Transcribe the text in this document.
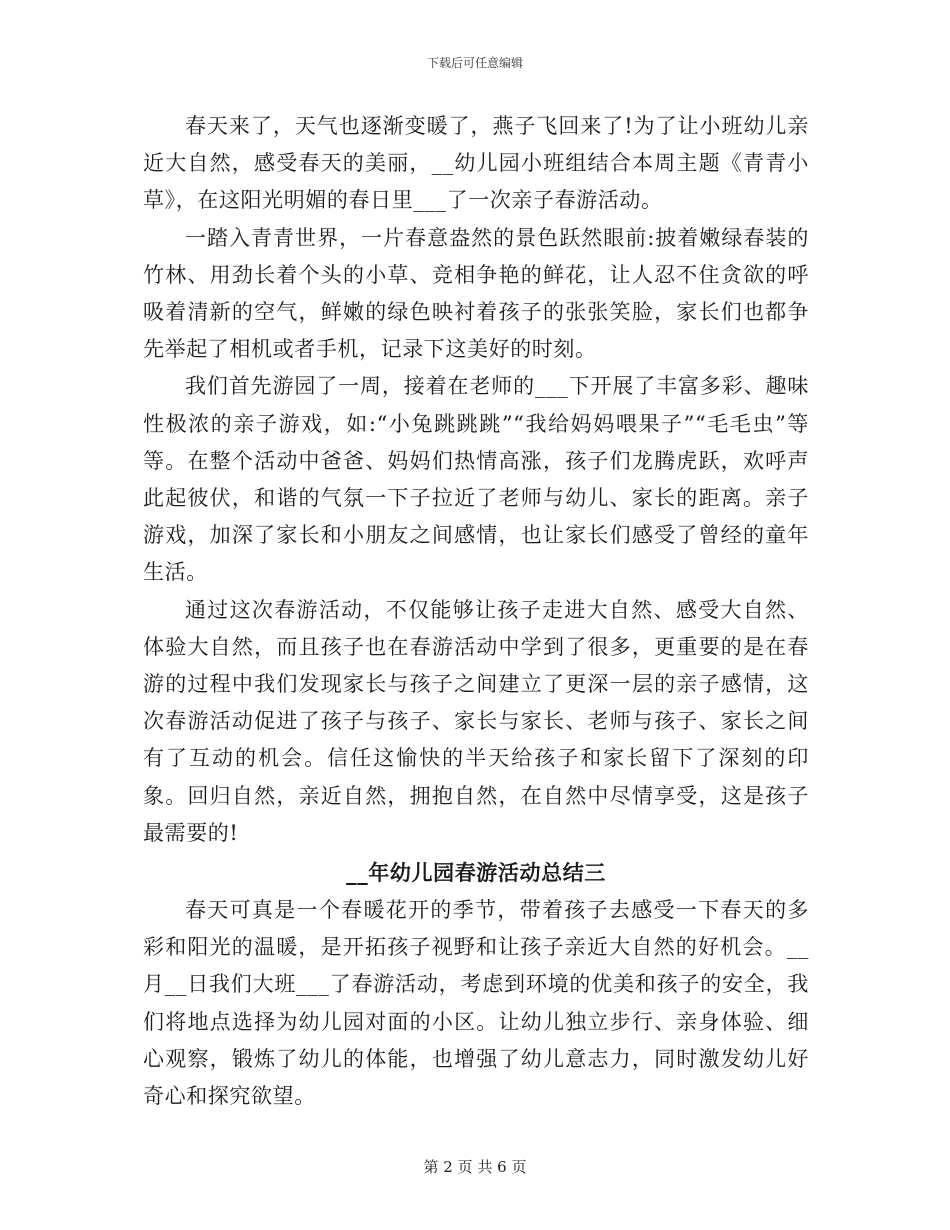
下载后可任意编辑

春天来了，天气也逐渐变暖了，燕子飞回来了!为了让小班幼儿亲近大自然，感受春天的美丽，__幼儿园小班组结合本周主题《青青小草》，在这阳光明媚的春日里___了一次亲子春游活动。

一踏入青青世界，一片春意盎然的景色跃然眼前:披着嫩绿春装的竹林、用劲长着个头的小草、竞相争艳的鲜花，让人忍不住贪欲的呼吸着清新的空气，鲜嫩的绿色映衬着孩子的张张笑脸，家长们也都争先举起了相机或者手机，记录下这美好的时刻。

我们首先游园了一周，接着在老师的___下开展了丰富多彩、趣味性极浓的亲子游戏，如:“小兔跳跳跳”“我给妈妈喂果子”“毛毛虫”等等。在整个活动中爸爸、妈妈们热情高涨，孩子们龙腾虎跃，欢呼声此起彼伏，和谐的气氛一下子拉近了老师与幼儿、家长的距离。亲子游戏，加深了家长和小朋友之间感情，也让家长们感受了曾经的童年生活。

通过这次春游活动，不仅能够让孩子走进大自然、感受大自然、体验大自然，而且孩子也在春游活动中学到了很多，更重要的是在春游的过程中我们发现家长与孩子之间建立了更深一层的亲子感情，这次春游活动促进了孩子与孩子、家长与家长、老师与孩子、家长之间有了互动的机会。信任这愉快的半天给孩子和家长留下了深刻的印象。回归自然，亲近自然，拥抱自然，在自然中尽情享受，这是孩子最需要的!

__年幼儿园春游活动总结三

春天可真是一个春暖花开的季节，带着孩子去感受一下春天的多彩和阳光的温暖，是开拓孩子视野和让孩子亲近大自然的好机会。__月__日我们大班___了春游活动，考虑到环境的优美和孩子的安全，我们将地点选择为幼儿园对面的小区。让幼儿独立步行、亲身体验、细心观察，锻炼了幼儿的体能，也增强了幼儿意志力，同时激发幼儿好奇心和探究欲望。

第 2 页 共 6 页
